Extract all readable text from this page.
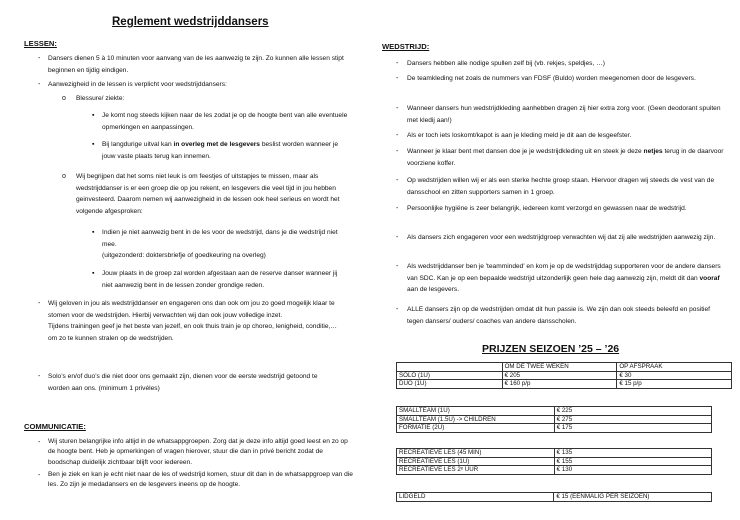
Reglement wedstrijddansers
LESSEN:
- Dansers dienen 5 à 10 minuten voor aanvang van de les aanwezig te zijn. Zo kunnen alle lessen stipt beginnen en tijdig eindigen.
- Aanwezigheid in de lessen is verplicht voor wedstrijddansers:
o Blessure/ ziekte:
▪ Je komt nog steeds kijken naar de les zodat je op de hoogte bent van alle eventuele opmerkingen en aanpassingen.
▪ Bij langdurige uitval kan in overleg met de lesgevers beslist worden wanneer je jouw vaste plaats terug kan innemen.
o Wij begrijpen dat het soms niet leuk is om feestjes of uitstapjes te missen, maar als wedstrijddanser is er een groep die op jou rekent, en lesgevers die veel tijd in jou hebben geinvesteerd. Daarom nemen wij aanwezigheid in de lessen ook heel serieus en wordt het volgende afgesproken:
▪ Indien je niet aanwezig bent in de les voor de wedstrijd, dans je die wedstrijd niet mee.
(uitgezonderd: doktersbriefje of goedkeuring na overleg)
▪ Jouw plaats in de groep zal worden afgestaan aan de reserve danser wanneer jij niet aanwezig bent in de lessen zonder grondige reden.
- Wij geloven in jou als wedstrijddanser en engageren ons dan ook om jou zo goed mogelijk klaar te stomen voor de wedstrijden. Hierbij verwachten wij dan ook jouw volledige inzet.
Tijdens trainingen geef je het beste van jezelf, en ook thuis train je op choreo, lenigheid, conditie,… om zo te kunnen stralen op de wedstrijden.
- Solo’s en/of duo’s die niet door ons gemaakt zijn, dienen voor de eerste wedstrijd getoond te worden aan ons. (minimum 1 privéles)
COMMUNICATIE:
- Wij sturen belangrijke info altijd in de whatsappgroepen. Zorg dat je deze info altijd goed leest en zo op de hoogte bent. Heb je opmerkingen of vragen hierover, stuur die dan in privé bericht zodat de boodschap duidelijk zichtbaar blijft voor iedereen.
- Ben je ziek en kan je echt niet naar de les of wedstrijd komen, stuur dit dan in de whatsappgroep van die les. Zo zijn je medadansers en de lesgevers ineens op de hoogte.
WEDSTRIJD:
- Dansers hebben alle nodige spullen zelf bij (vb. rekjes, speldjes, …)
- De teamkleding net zoals de nummers van FDSF (Buldo) worden meegenomen door de lesgevers.
- Wanneer dansers hun wedstrijdkleding aanhebben dragen zij hier extra zorg voor. (Geen deodorant spuiten met kledij aan!)
- Als er toch iets loskomt/kapot is aan je kleding meld je dit aan de lesgeefster.
- Wanneer je klaar bent met dansen doe je je wedstrijdkleding uit en steek je deze netjes terug in de daarvoor voorziene koffer.
- Op wedstrijden willen wij er als een sterke hechte groep staan. Hiervoor dragen wij steeds de vest van de dansschool en zitten supporters samen in 1 groep.
- Persoonlijke hygiëne is zeer belangrijk, iedereen komt verzorgd en gewassen naar de wedstrijd.
- Als dansers zich engageren voor een wedstrijdgroep verwachten wij dat zij alle wedstrijden aanwezig zijn.
- Als wedstrijddanser ben je 'teamminded' en kom je op de wedstrijddag supporteren voor de andere dansers van SDC. Kan je op een bepaalde wedstrijd uitzonderlijk geen hele dag aanwezig zijn, meldt dit dan vooraf aan de lesgevers.
- ALLE dansers zijn op de wedstrijden omdat dit hun passie is. We zijn dan ook steeds beleefd en positief tegen dansers/ ouders/ coaches van andere dansscholen.
PRIJZEN SEIZOEN ’25 – ’26
	OM DE TWEE WEKEN	OP AFSPRAAK
SOLO (1U)	€ 205	€ 30
DUO (1U)	€ 160 p/p	€ 15 p/p
SMALLTEAM (1U)	€ 225
SMALLTEAM (1.5U) -> CHILDREN	€ 275
FORMATIE (2U)	€ 175
RECREATIEVE LES (45 MIN)	€ 135
RECREATIEVE LES (1U)	€ 155
RECREATIEVE LES 2ᵉ UUR	€ 130
LIDGELD	€ 15 (EENMALIG PER SEIZOEN)
